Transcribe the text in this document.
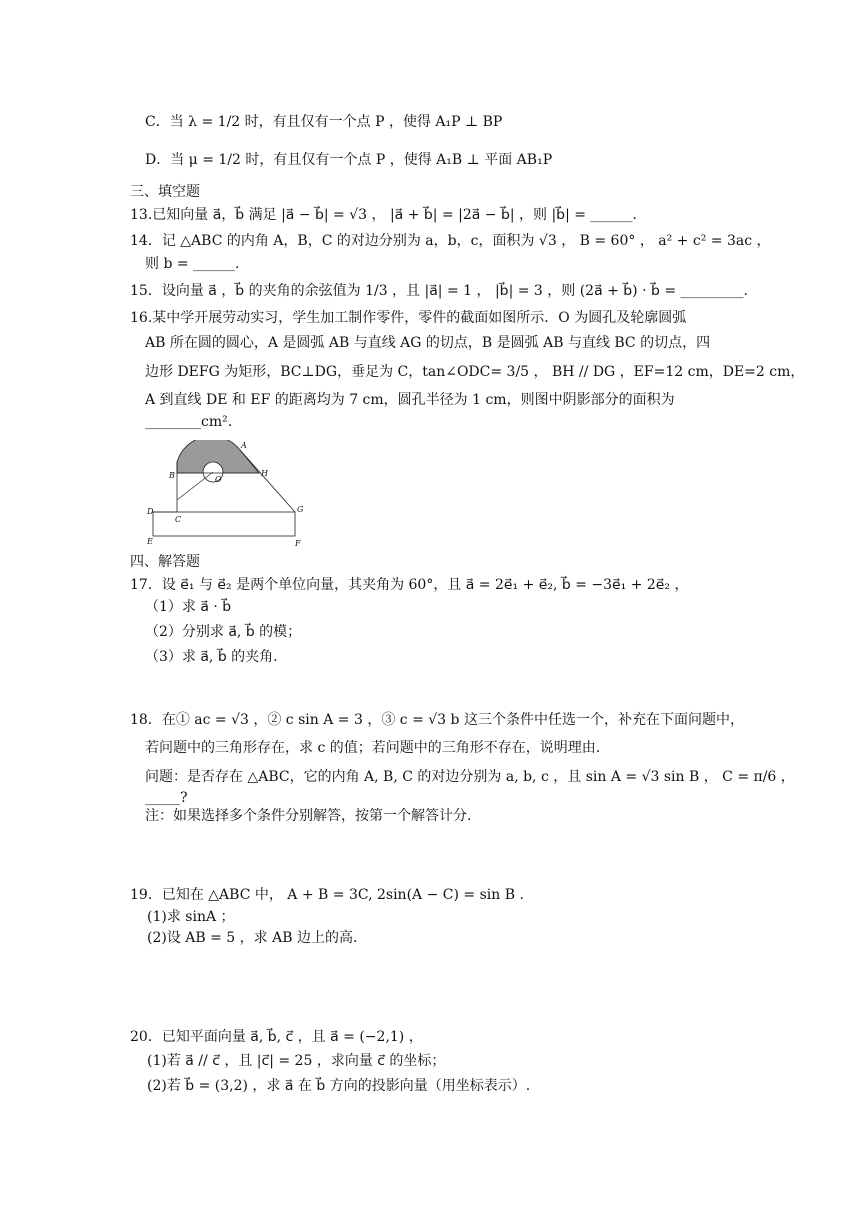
C．当 λ = 1/2 时，有且仅有一个点 P ，使得 A₁P ⊥ BP
D．当 μ = 1/2 时，有且仅有一个点 P ，使得 A₁B ⊥ 平面 AB₁P
三、填空题
13.已知向量 a⃗，b⃗ 满足 |a⃗ − b⃗| = √3 ， |a⃗ + b⃗| = |2a⃗ − b⃗| ，则 |b⃗| = ______.
14．记 △ABC 的内角 A，B，C 的对边分别为 a，b，c，面积为 √3 ， B = 60° ， a² + c² = 3ac ，
则 b = ______.
15．设向量 a⃗ ，b⃗ 的夹角的余弦值为 1/3 ，且 |a⃗| = 1 ， |b⃗| = 3 ，则 (2a⃗ + b⃗) · b⃗ = _________.
16.某中学开展劳动实习，学生加工制作零件，零件的截面如图所示．O 为圆孔及轮廓圆弧
AB 所在圆的圆心，A 是圆弧 AB 与直线 AG 的切点，B 是圆弧 AB 与直线 BC 的切点，四
边形 DEFG 为矩形，BC⊥DG，垂足为 C，tan∠ODC= 3/5 ， BH // DG ，EF=12 cm，DE=2 cm，
A 到直线 DE 和 EF 的距离均为 7 cm，圆孔半径为 1 cm，则图中阴影部分的面积为
________cm².
A
B	H
O
D
C
G
E	F
四、解答题
17．设 e⃗₁ 与 e⃗₂ 是两个单位向量，其夹角为 60°，且 a⃗ = 2e⃗₁ + e⃗₂, b⃗ = −3e⃗₁ + 2e⃗₂ ，
（1）求 a⃗ · b⃗
（2）分别求 a⃗, b⃗ 的模；
（3）求 a⃗, b⃗ 的夹角.
18．在① ac = √3 ，② c sin A = 3 ，③ c = √3 b 这三个条件中任选一个，补充在下面问题中，
若问题中的三角形存在，求 c 的值；若问题中的三角形不存在，说明理由.
问题：是否存在 △ABC，它的内角 A, B, C 的对边分别为 a, b, c ，且 sin A = √3 sin B ， C = π/6 ，
_____?
注：如果选择多个条件分别解答，按第一个解答计分.
19．已知在 △ABC 中， A + B = 3C, 2sin(A − C) = sin B .
(1)求 sinA ；
(2)设 AB = 5 ，求 AB 边上的高.
20．已知平面向量 a⃗, b⃗, c⃗ ，且 a⃗ = (−2,1) ，
(1)若 a⃗ // c⃗ ，且 |c⃗| = 25 ，求向量 c⃗ 的坐标；
(2)若 b⃗ = (3,2) ，求 a⃗ 在 b⃗ 方向的投影向量（用坐标表示）.
